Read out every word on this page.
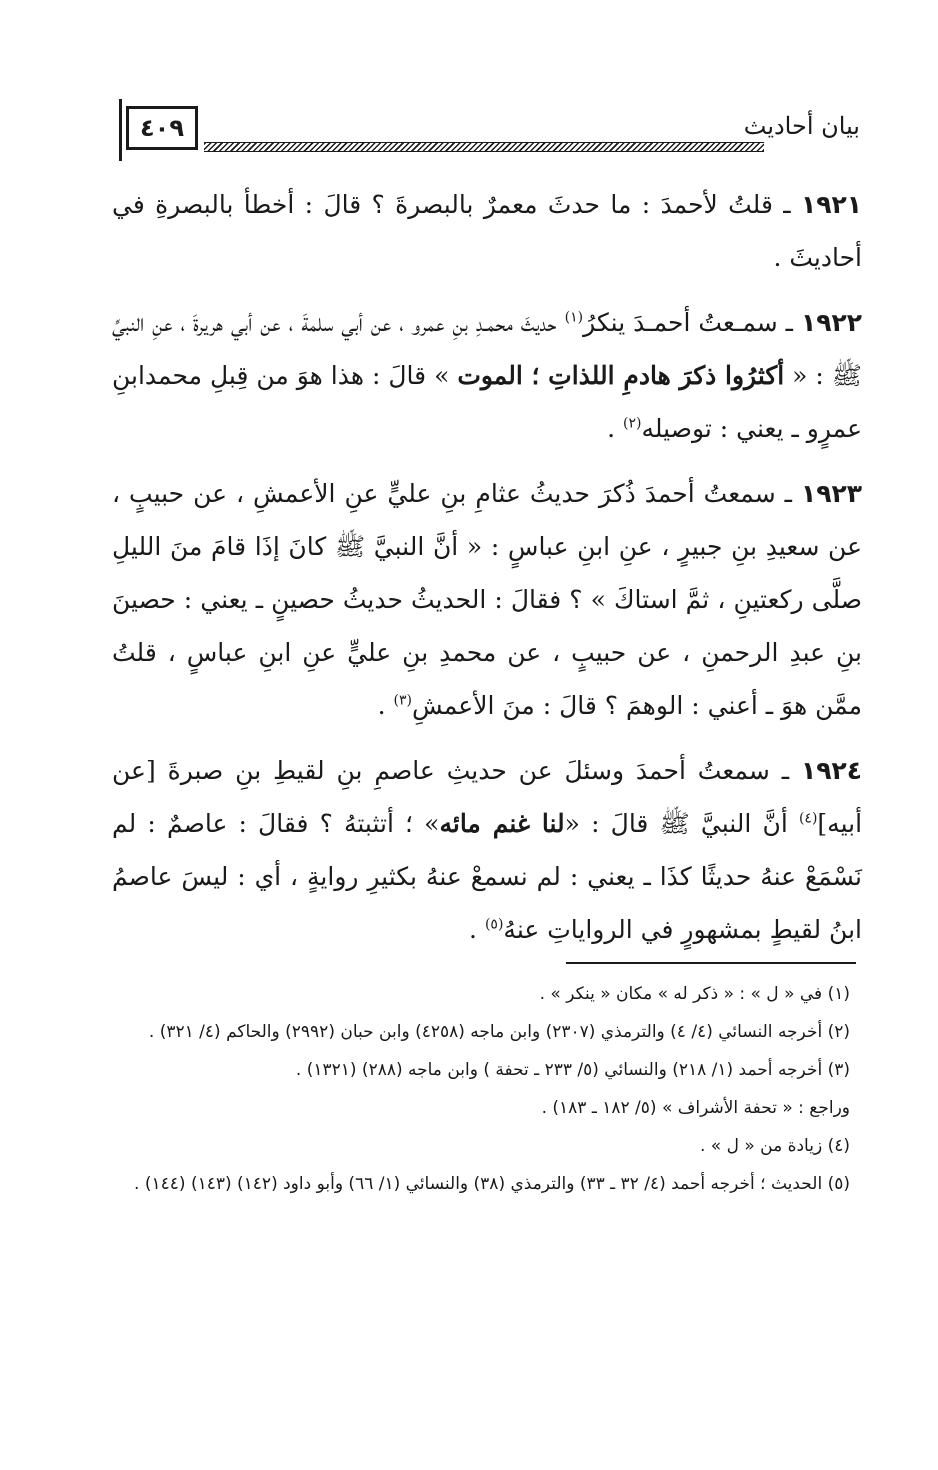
٤٠٩	بيان أحاديث

١٩٢١ ـ قلتُ لأحمدَ : ما حدثَ معمرٌ بالبصرةَ ؟ قالَ : أخطأ بالبصرةِ في أحاديثَ .

١٩٢٢ ـ سمـعتُ أحمـدَ ينكرُ$^{(١)}$ حديثَ محمـدِ بنِ عمرو ، عن أبي سلمةَ ، عن أبي هريرةَ ، عنِ النبيِّ ﷺ : « أكثرُوا ذكرَ هادمِ اللذاتِ ؛ الموت » قالَ : هذا هوَ من قِبلِ محمدابنِ عمرٍو ـ يعني : توصيله$^{(٢)}$ .

١٩٢٣ ـ سمعتُ أحمدَ ذُكرَ حديثُ عثامِ بنِ عليٍّ عنِ الأعمشِ ، عن حبيبٍ ، عن سعيدِ بنِ جبيرٍ ، عنِ ابنِ عباسٍ : « أنَّ النبيَّ ﷺ كانَ إذَا قامَ منَ الليلِ صلَّى ركعتينِ ، ثمَّ استاكَ » ؟ فقالَ : الحديثُ حديثُ حصينٍ ـ يعني : حصينَ بنِ عبدِ الرحمنِ ، عن حبيبٍ ، عن محمدِ بنِ عليٍّ عنِ ابنِ عباسٍ ، قلتُ ممَّن هوَ ـ أعني : الوهمَ ؟ قالَ : منَ الأعمشِ$^{(٣)}$ .

١٩٢٤ ـ سمعتُ أحمدَ وسئلَ عن حديثِ عاصمِ بنِ لقيطِ بنِ صبرةَ [عن أبيه]$^{(٤)}$ أنَّ النبيَّ ﷺ قالَ : «لنا غنم مائه» ؛ أتثبتهُ ؟ فقالَ : عاصمٌ : لم نَسْمَعْ عنهُ حديثًا كذَا ـ يعني : لم نسمعْ عنهُ بكثيرِ روايةٍ ، أي : ليسَ عاصمُ ابنُ لقيطٍ بمشهورٍ في الرواياتِ عنهُ$^{(٥)}$ .

(١) في « ل » : « ذكر له » مكان « ينكر » .

(٢) أخرجه النسائي (٤/ ٤) والترمذي (٢٣٠٧) وابن ماجه (٤٢٥٨) وابن حبان (٢٩٩٢) والحاكم (٤/ ٣٢١) .

(٣) أخرجه أحمد (١/ ٢١٨) والنسائي (٥/ ٢٣٣ ـ تحفة ) وابن ماجه (٢٨٨) (١٣٢١) .

وراجع : « تحفة الأشراف » (٥/ ١٨٢ ـ ١٨٣) .

(٤) زيادة من « ل » .

(٥) الحديث ؛ أخرجه أحمد (٤/ ٣٢ ـ ٣٣) والترمذي (٣٨) والنسائي (١/ ٦٦) وأبو داود (١٤٢) (١٤٣) (١٤٤) .
